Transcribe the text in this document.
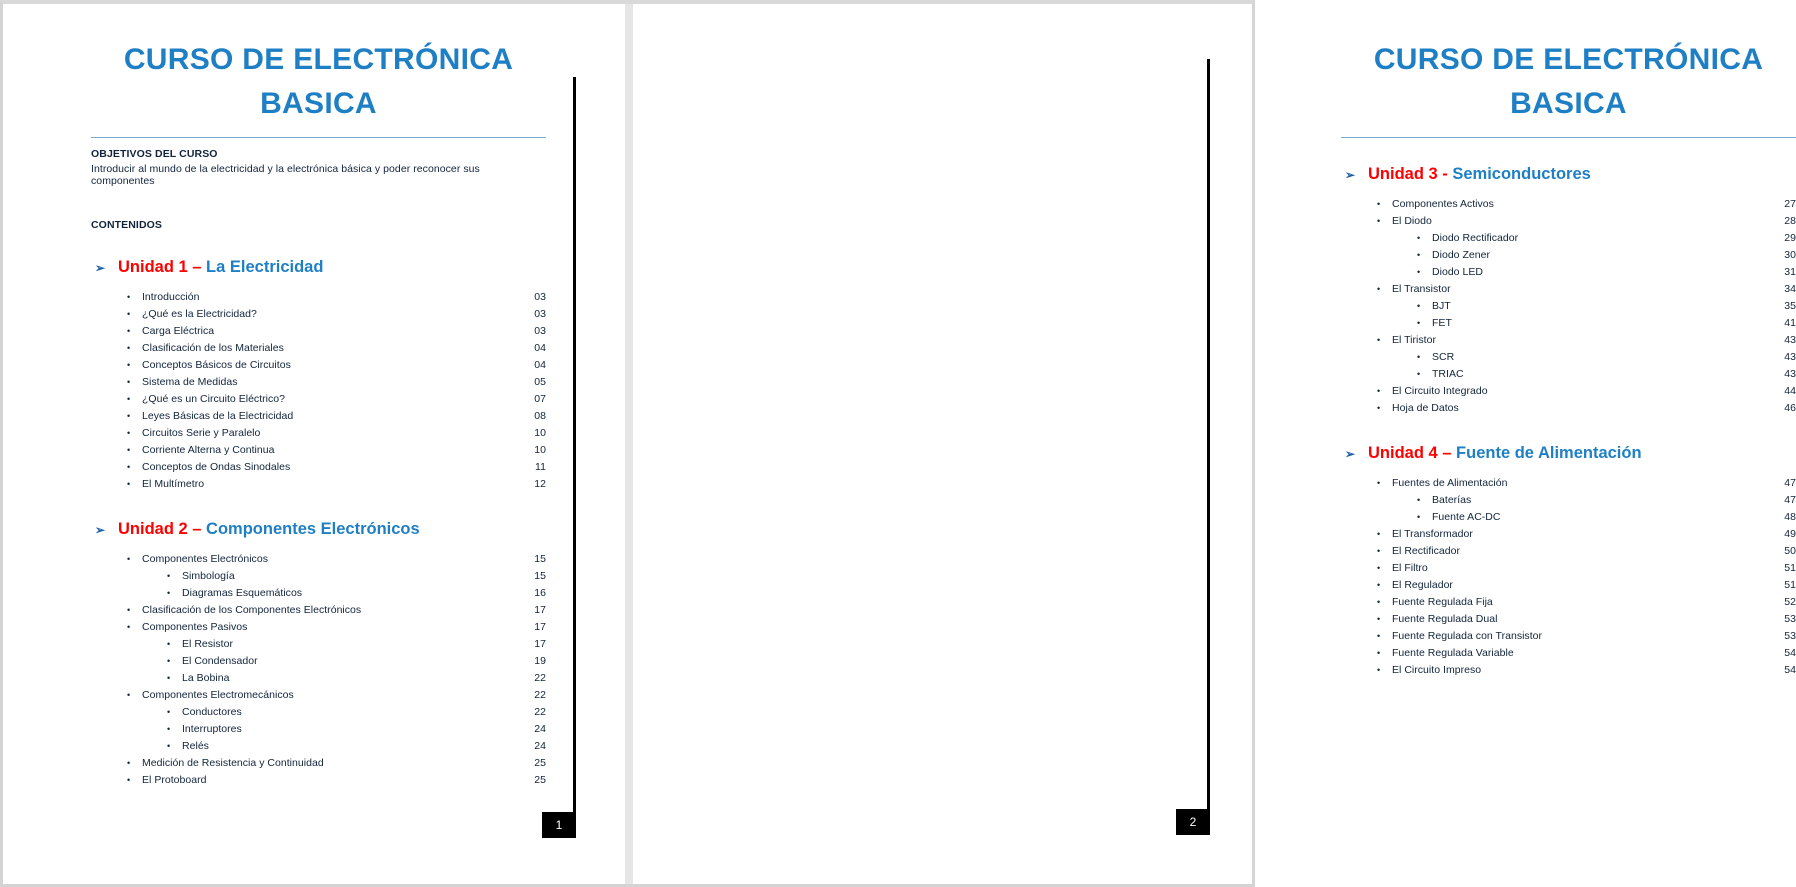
1
CURSO DE ELECTRÓNICA
BASICA
OBJETIVOS DEL CURSO
Introducir al mundo de la electricidad y la electrónica básica y poder reconocer sus componentes
CONTENIDOS
➢ Unidad 1 – La Electricidad
• Introducción	03
• ¿Qué es la Electricidad?	03
• Carga Eléctrica	03
• Clasificación de los Materiales	04
• Conceptos Básicos de Circuitos	04
• Sistema de Medidas	05
• ¿Qué es un Circuito Eléctrico?	07
• Leyes Básicas de la Electricidad	08
• Circuitos Serie y Paralelo	10
• Corriente Alterna y Continua	10
• Conceptos de Ondas Sinodales	11
• El Multímetro	12
➢ Unidad 2 – Componentes Electrónicos
• Componentes Electrónicos	15
• Simbología	15
• Diagramas Esquemáticos	16
• Clasificación de los Componentes Electrónicos	17
• Componentes Pasivos	17
• El Resistor	17
• El Condensador	19
• La Bobina	22
• Componentes Electromecánicos	22
• Conductores	22
• Interruptores	24
• Relés	24
• Medición de Resistencia y Continuidad	25
• El Protoboard	25
2
CURSO DE ELECTRÓNICA
BASICA
➢ Unidad 3 - Semiconductores
• Componentes Activos	27
• El Diodo	28
• Diodo Rectificador	29
• Diodo Zener	30
• Diodo LED	31
• El Transistor	34
• BJT	35
• FET	41
• El Tiristor	43
• SCR	43
• TRIAC	43
• El Circuito Integrado	44
• Hoja de Datos	46
➢ Unidad 4 – Fuente de Alimentación
• Fuentes de Alimentación	47
• Baterías	47
• Fuente AC-DC	48
• El Transformador	49
• El Rectificador	50
• El Filtro	51
• El Regulador	51
• Fuente Regulada Fija	52
• Fuente Regulada Dual	53
• Fuente Regulada con Transistor	53
• Fuente Regulada Variable	54
• El Circuito Impreso	54
